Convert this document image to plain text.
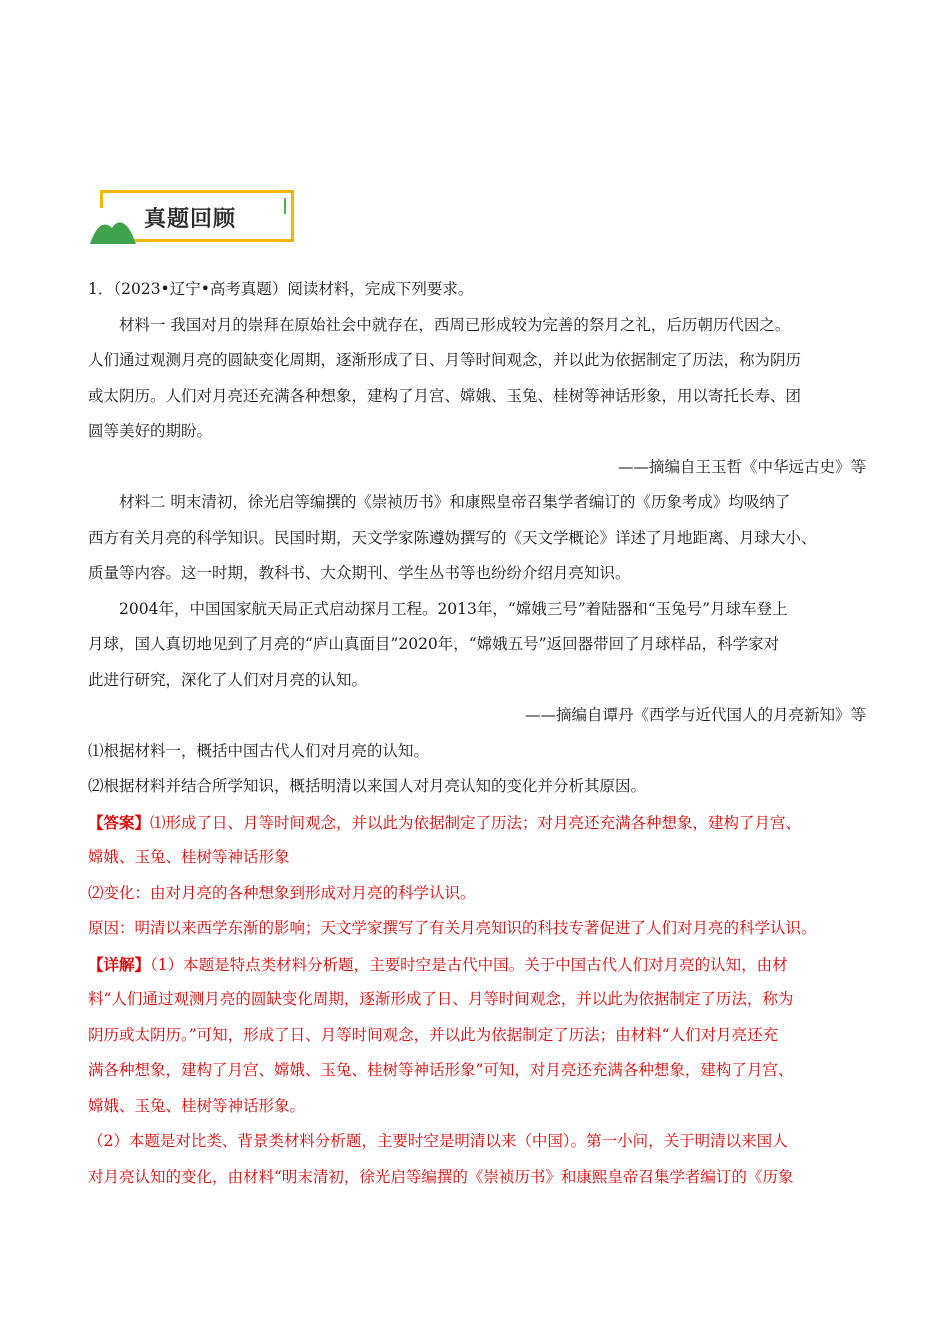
真题回顾
1．（2023•辽宁•高考真题）阅读材料，完成下列要求。
材料一 我国对月的崇拜在原始社会中就存在，西周已形成较为完善的祭月之礼，后历朝历代因之。
人们通过观测月亮的圆缺变化周期，逐渐形成了日、月等时间观念，并以此为依据制定了历法，称为阴历
或太阴历。人们对月亮还充满各种想象，建构了月宫、嫦娥、玉兔、桂树等神话形象，用以寄托长寿、团
圆等美好的期盼。
——摘编自王玉哲《中华远古史》等
材料二 明末清初，徐光启等编撰的《崇祯历书》和康熙皇帝召集学者编订的《历象考成》均吸纳了
西方有关月亮的科学知识。民国时期，天文学家陈遵妫撰写的《天文学概论》详述了月地距离、月球大小、
质量等内容。这一时期，教科书、大众期刊、学生丛书等也纷纷介绍月亮知识。
2004年，中国国家航天局正式启动探月工程。2013年，“嫦娥三号”着陆器和“玉兔号”月球车登上
月球，国人真切地见到了月亮的“庐山真面目”2020年，“嫦娥五号”返回器带回了月球样品，科学家对
此进行研究，深化了人们对月亮的认知。
——摘编自谭丹《西学与近代国人的月亮新知》等
⑴根据材料一，概括中国古代人们对月亮的认知。
⑵根据材料并结合所学知识，概括明清以来国人对月亮认知的变化并分析其原因。
【答案】⑴形成了日、月等时间观念，并以此为依据制定了历法；对月亮还充满各种想象，建构了月宫、
嫦娥、玉兔、桂树等神话形象
⑵变化：由对月亮的各种想象到形成对月亮的科学认识。
原因：明清以来西学东渐的影响；天文学家撰写了有关月亮知识的科技专著促进了人们对月亮的科学认识。
【详解】（1）本题是特点类材料分析题，主要时空是古代中国。关于中国古代人们对月亮的认知，由材
料“人们通过观测月亮的圆缺变化周期，逐渐形成了日、月等时间观念，并以此为依据制定了历法，称为
阴历或太阴历。”可知，形成了日、月等时间观念，并以此为依据制定了历法；由材料“人们对月亮还充
满各种想象，建构了月宫、嫦娥、玉兔、桂树等神话形象”可知，对月亮还充满各种想象，建构了月宫、
嫦娥、玉兔、桂树等神话形象。
（2）本题是对比类、背景类材料分析题，主要时空是明清以来（中国）。第一小问，关于明清以来国人
对月亮认知的变化，由材料“明末清初，徐光启等编撰的《崇祯历书》和康熙皇帝召集学者编订的《历象
